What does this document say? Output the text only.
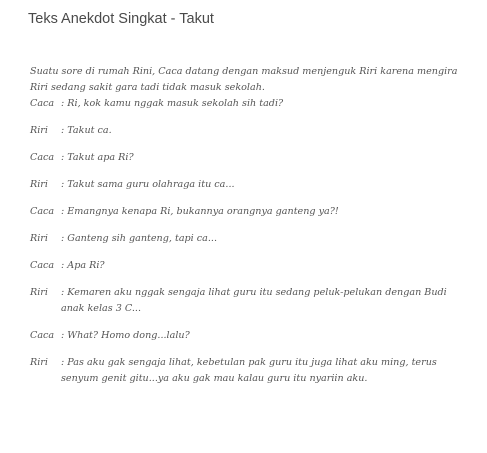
Teks Anekdot Singkat - Takut

Suatu sore di rumah Rini, Caca datang dengan maksud menjenguk Riri karena mengira Riri sedang sakit gara tadi tidak masuk sekolah.

Caca : Ri, kok kamu nggak masuk sekolah sih tadi?
Riri	: Takut ca.
Caca : Takut apa Ri?
Riri	: Takut sama guru olahraga itu ca...
Caca : Emangnya kenapa Ri, bukannya orangnya ganteng ya?!
Riri	: Ganteng sih ganteng, tapi ca...
Caca : Apa Ri?
Riri	: Kemaren aku nggak sengaja lihat guru itu sedang peluk-pelukan dengan Budi anak kelas 3 C...
Caca : What? Homo dong...lalu?
Riri	: Pas aku gak sengaja lihat, kebetulan pak guru itu juga lihat aku ming, terus senyum genit gitu...ya aku gak mau kalau guru itu nyariin aku.
